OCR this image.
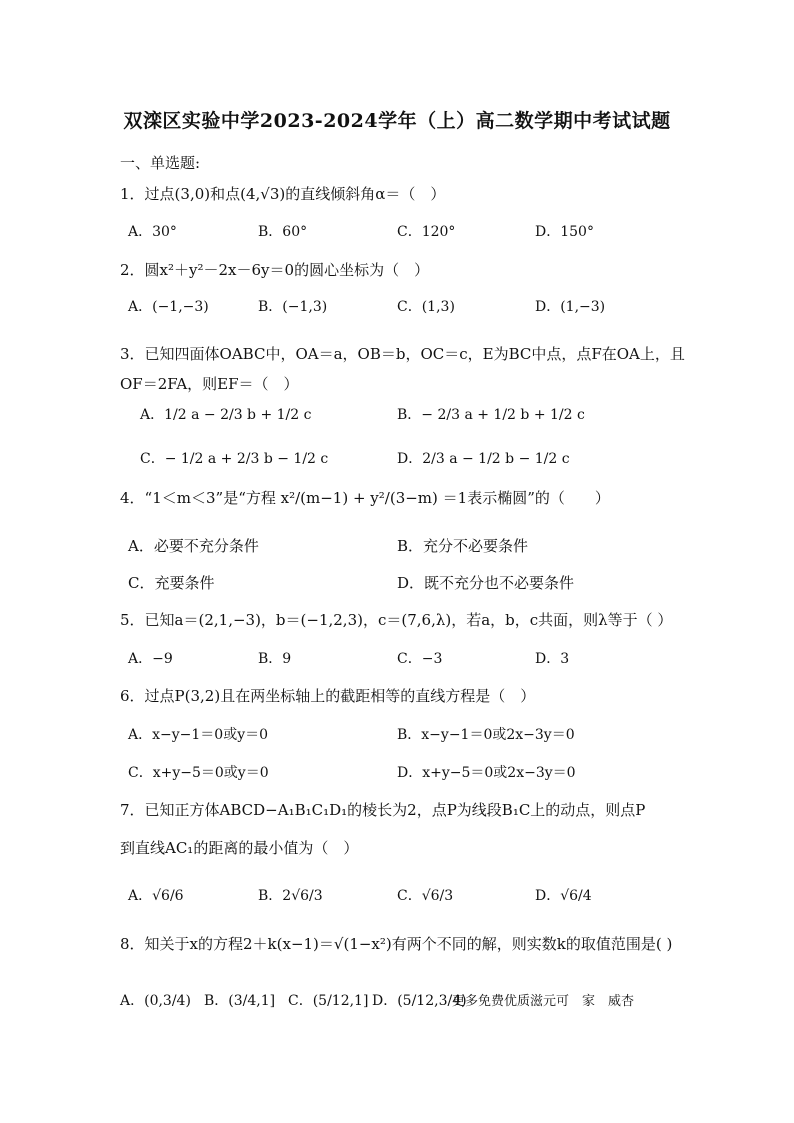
双滦区实验中学2023-2024学年（上）高二数学期中考试试题
一、单选题:
1．过点(3,0)和点(4,√3)的直线倾斜角α＝（　）
A．30°	B．60°	C．120°	D．150°
2．圆x²＋y²－2x－6y＝0的圆心坐标为（　）
A．(−1,−3)	B．(−1,3)	C．(1,3)	D．(1,−3)
3．已知四面体OABC中，OA＝a，OB＝b，OC＝c，E为BC中点，点F在OA上，且
OF＝2FA，则EF＝（　）
A．1/2 a − 2/3 b + 1/2 c	B．− 2/3 a + 1/2 b + 1/2 c
C．− 1/2 a + 2/3 b − 1/2 c	D．2/3 a − 1/2 b − 1/2 c
4．“1＜m＜3”是“方程 x²/(m−1) + y²/(3−m) ＝1表示椭圆”的（　　）
A．必要不充分条件	B．充分不必要条件
C．充要条件	D．既不充分也不必要条件
5．已知a＝(2,1,−3)，b＝(−1,2,3)，c＝(7,6,λ)，若a，b，c共面，则λ等于（ ）
A．−9	B．9	C．−3	D．3
6．过点P(3,2)且在两坐标轴上的截距相等的直线方程是（　）
A．x−y−1＝0或y＝0	B．x−y−1＝0或2x−3y＝0
C．x+y−5＝0或y＝0	D．x+y−5＝0或2x−3y＝0
7．已知正方体ABCD−A₁B₁C₁D₁的棱长为2，点P为线段B₁C上的动点，则点P
到直线AC₁的距离的最小值为（　）
A．√6/6	B．2√6/3	C．√6/3	D．√6/4
8．知关于x的方程2＋k(x−1)＝√(1−x²)有两个不同的解，则实数k的取值范围是( )
A．(0,3/4) B．(3/4,1] C．(5/12,1] D．(5/12,3/4)
更多免费优质滋元可　家　威杏
